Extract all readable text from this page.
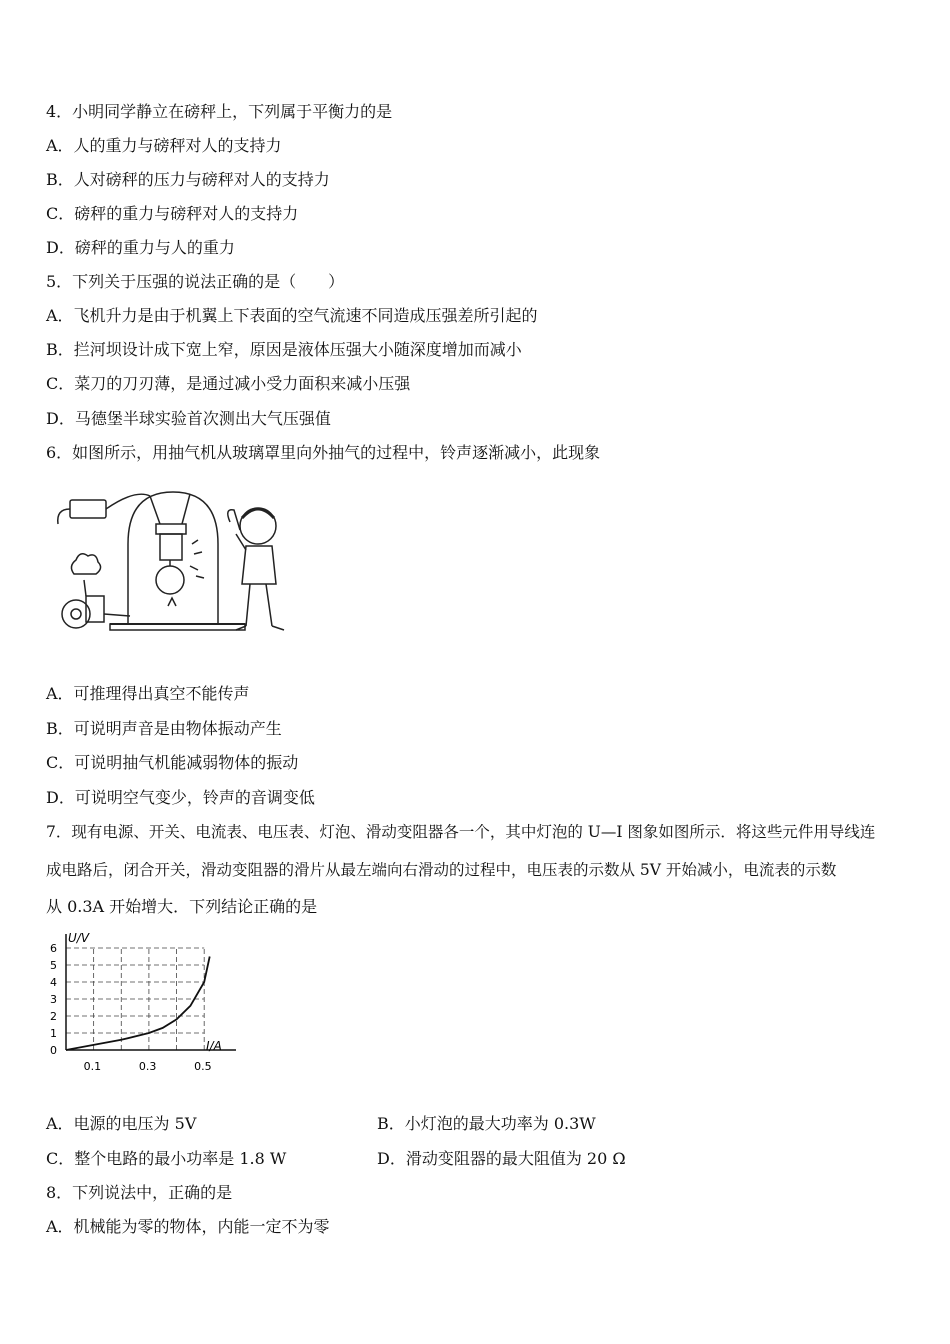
4．小明同学静立在磅秤上，下列属于平衡力的是
A．人的重力与磅秤对人的支持力
B．人对磅秤的压力与磅秤对人的支持力
C．磅秤的重力与磅秤对人的支持力
D．磅秤的重力与人的重力
5．下列关于压强的说法正确的是（　　）
A．飞机升力是由于机翼上下表面的空气流速不同造成压强差所引起的
B．拦河坝设计成下宽上窄，原因是液体压强大小随深度增加而减小
C．菜刀的刀刃薄，是通过减小受力面积来减小压强
D．马德堡半球实验首次测出大气压强值
6．如图所示，用抽气机从玻璃罩里向外抽气的过程中，铃声逐渐减小，此现象
A．可推理得出真空不能传声
B．可说明声音是由物体振动产生
C．可说明抽气机能减弱物体的振动
D．可说明空气变少，铃声的音调变低
7．现有电源、开关、电流表、电压表、灯泡、滑动变阻器各一个，其中灯泡的 U—I 图象如图所示．将这些元件用导线连
成电路后，闭合开关，滑动变阻器的滑片从最左端向右滑动的过程中，电压表的示数从 5V 开始减小，电流表的示数
从 0.3A 开始增大．下列结论正确的是
0
1
2
3
4
5
6
0.1	0.3	0.5
U/V
I/A
A．电源的电压为 5V	B．小灯泡的最大功率为 0.3W
C．整个电路的最小功率是 1.8 W	D．滑动变阻器的最大阻值为 20 Ω
8．下列说法中，正确的是
A．机械能为零的物体，内能一定不为零
